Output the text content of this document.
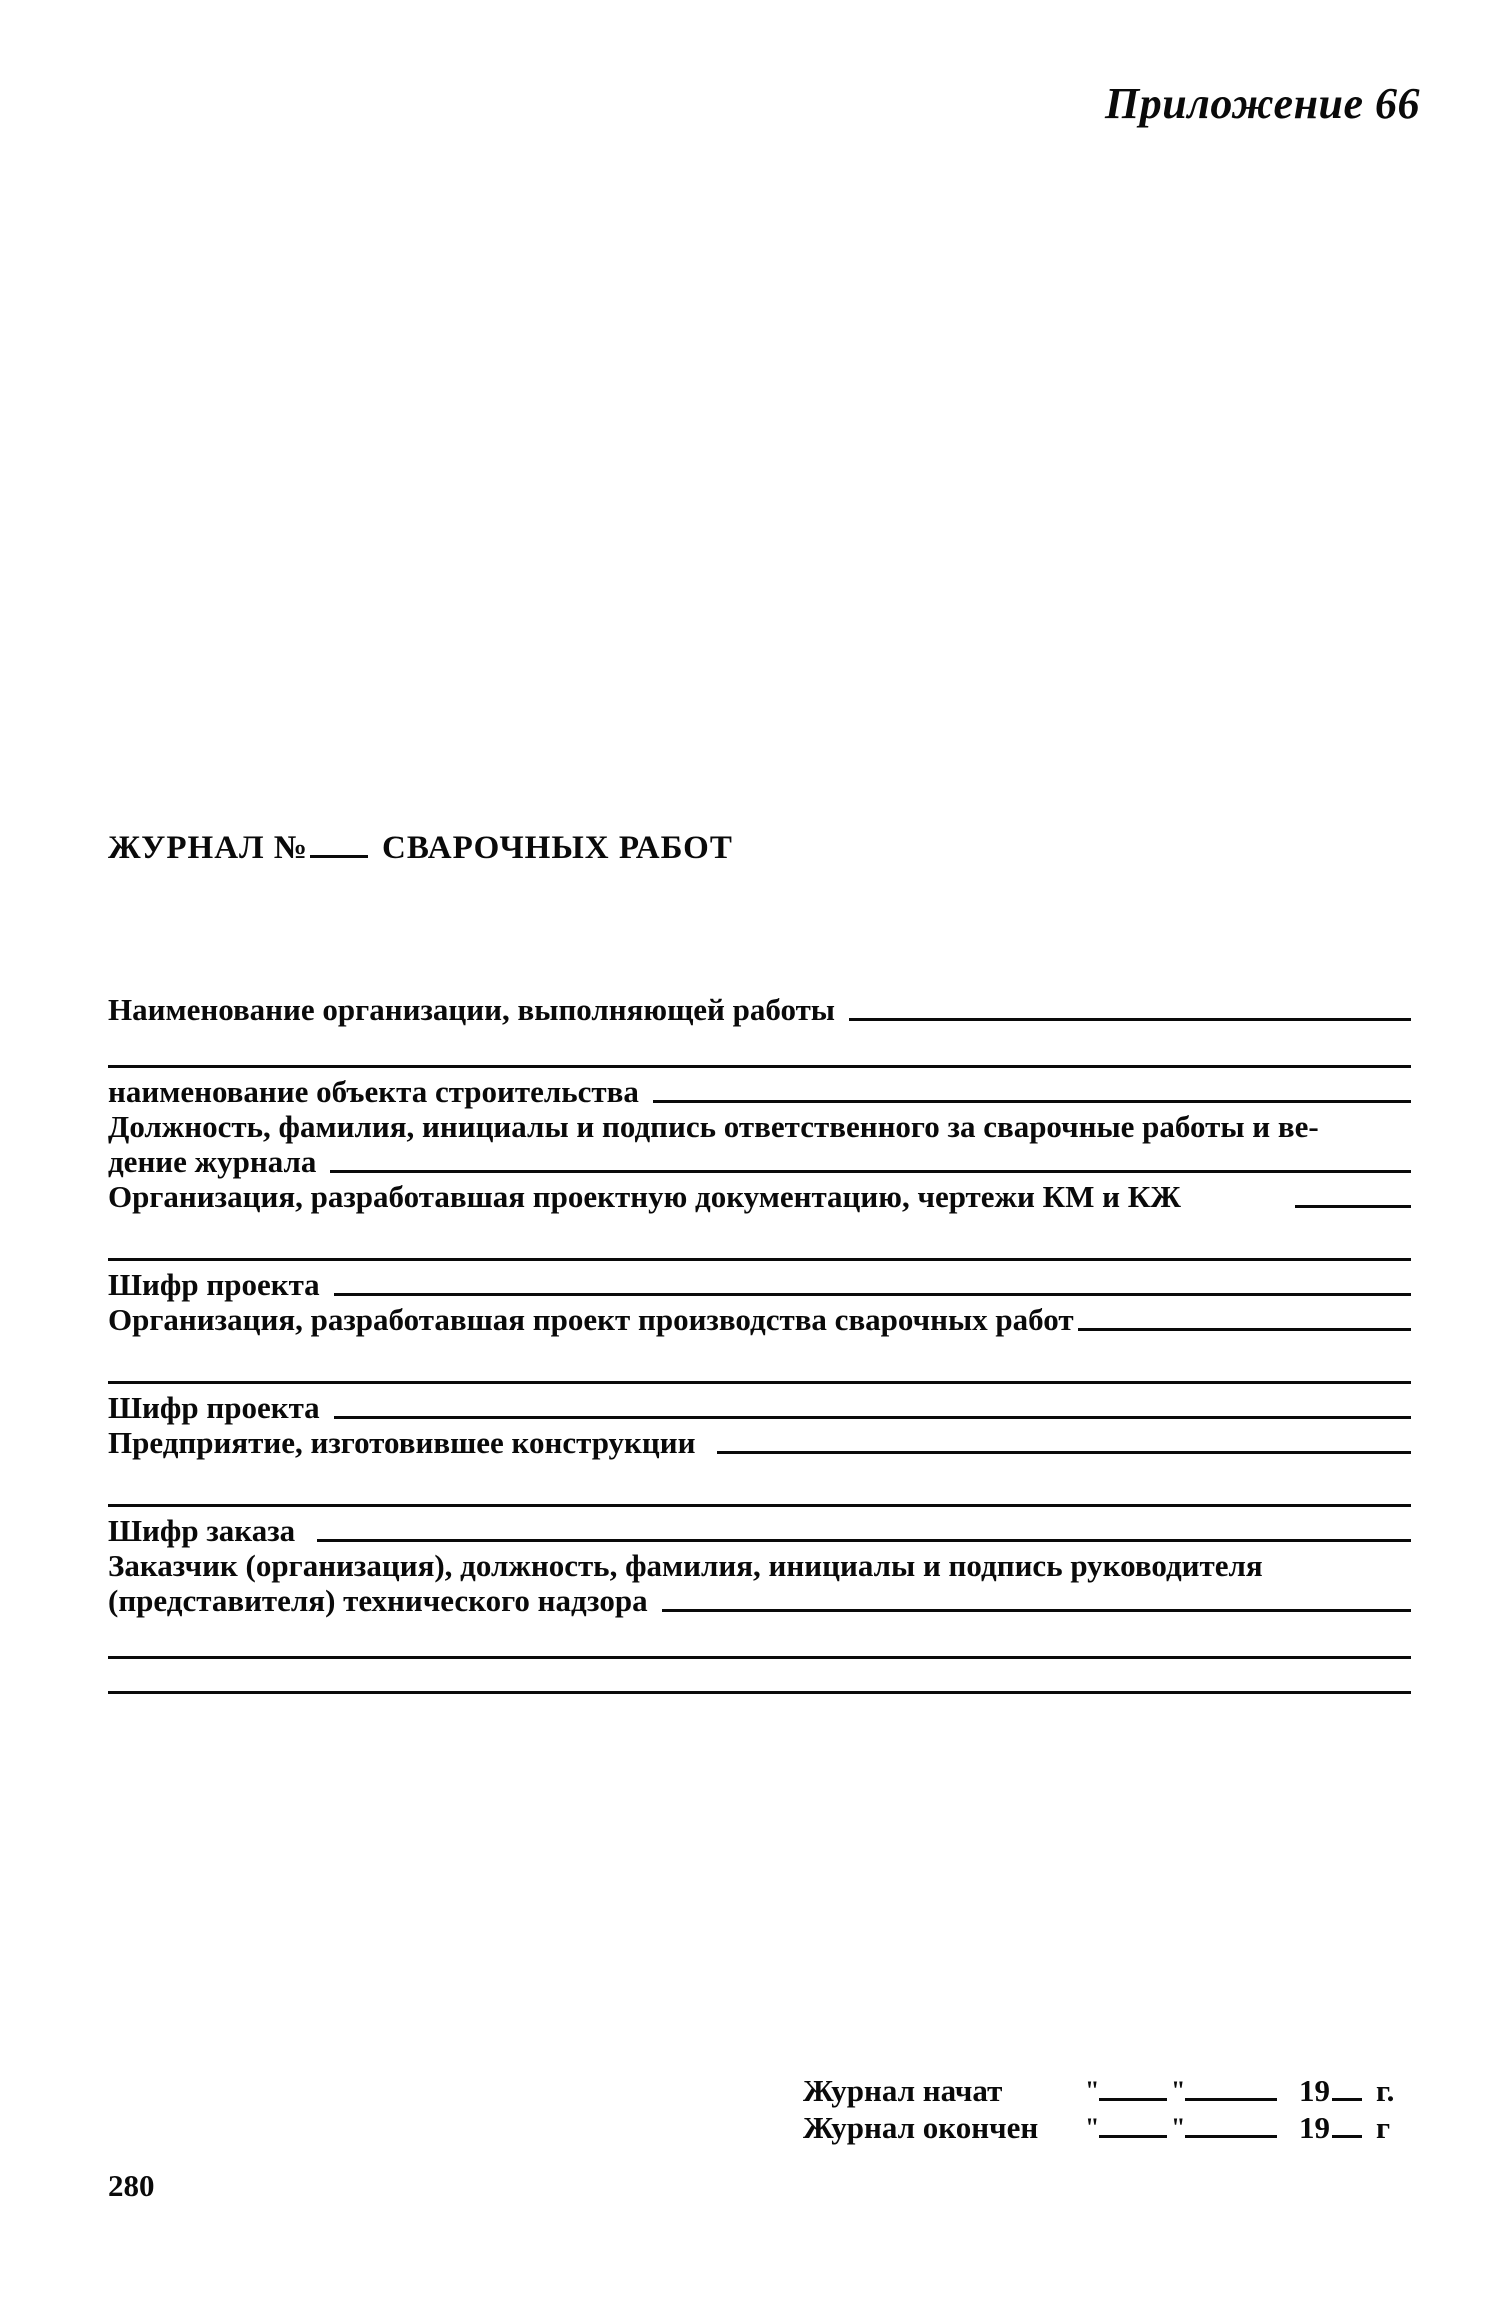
Приложение 66
ЖУРНАЛ № СВАРОЧНЫХ РАБОТ
Наименование организации, выполняющей работы
наименование объекта строительства
Должность, фамилия, инициалы и подпись ответственного за сварочные работы и ве-
дение журнала
Организация, разработавшая проектную документацию, чертежи КМ и КЖ
Шифр проекта
Организация, разработавшая проект производства сварочных работ
Шифр проекта
Предприятие, изготовившее конструкции
Шифр заказа
Заказчик (организация), должность, фамилия, инициалы и подпись руководителя
(представителя) технического надзора
Журнал начат	"	"	19 г.
Журнал окончен	"	"	19 г
280
